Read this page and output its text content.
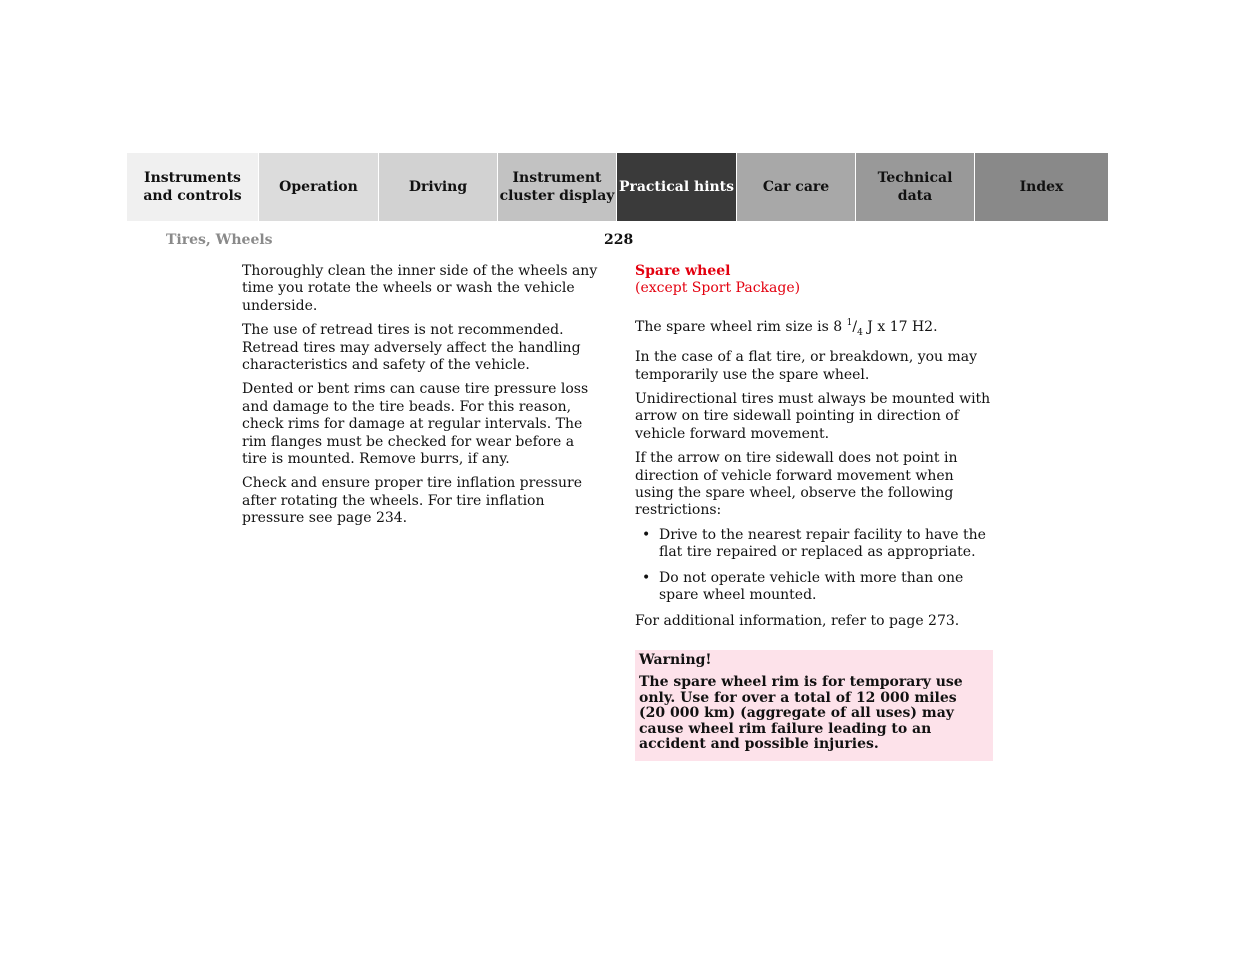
Instruments
and controls
Operation	Driving
Instrument
cluster display
Practical hints	Car care
Technical
data
Index
Tires, Wheels	228

Thoroughly clean the inner side of the wheels any time you rotate the wheels or wash the vehicle underside.

The use of retread tires is not recommended. Retread tires may adversely affect the handling characteristics and safety of the vehicle.

Dented or bent rims can cause tire pressure loss and damage to the tire beads. For this reason, check rims for damage at regular intervals. The rim flanges must be checked for wear before a tire is mounted. Remove burrs, if any.

Check and ensure proper tire inflation pressure after rotating the wheels. For tire inflation pressure see page 234.

Spare wheel
(except Sport Package)

The spare wheel rim size is 8 $^1/_4$ J x 17 H2.

In the case of a flat tire, or breakdown, you may temporarily use the spare wheel.

Unidirectional tires must always be mounted with arrow on tire sidewall pointing in direction of vehicle forward movement.

If the arrow on tire sidewall does not point in direction of vehicle forward movement when using the spare wheel, observe the following restrictions:

• Drive to the nearest repair facility to have the flat tire repaired or replaced as appropriate.
• Do not operate vehicle with more than one spare wheel mounted.

For additional information, refer to page 273.

Warning!
The spare wheel rim is for temporary use only. Use for over a total of 12 000 miles (20 000 km) (aggregate of all uses) may cause wheel rim failure leading to an accident and possible injuries.
